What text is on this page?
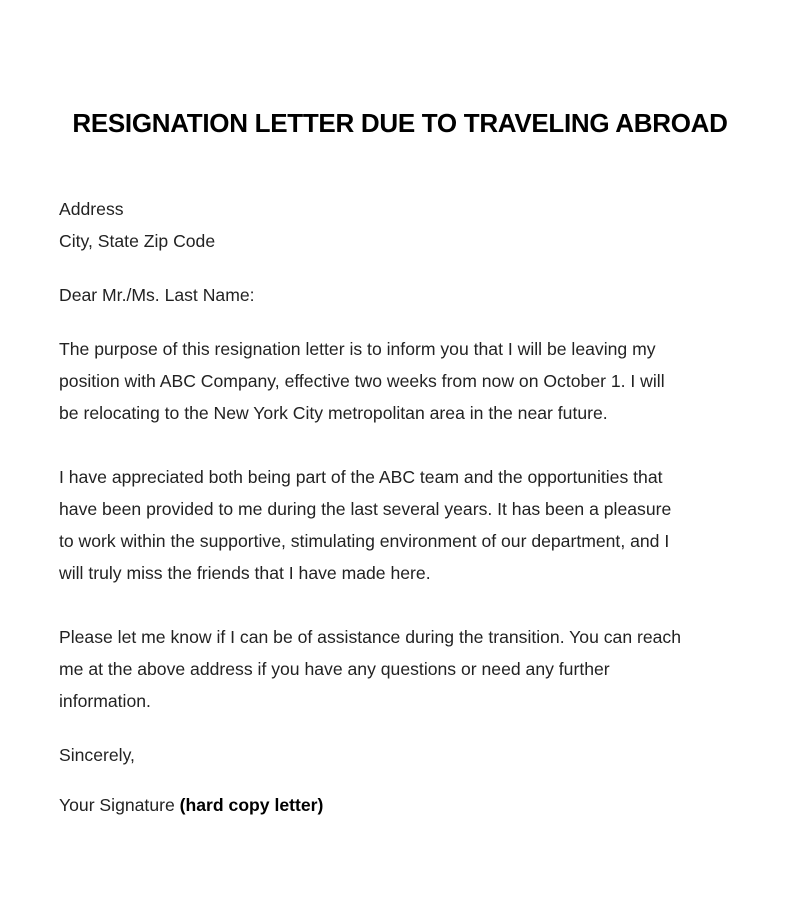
RESIGNATION LETTER DUE TO TRAVELING ABROAD
Address
City, State Zip Code
Dear Mr./Ms. Last Name:
The purpose of this resignation letter is to inform you that I will be leaving my
position with ABC Company, effective two weeks from now on October 1. I will
be relocating to the New York City metropolitan area in the near future.
I have appreciated both being part of the ABC team and the opportunities that
have been provided to me during the last several years. It has been a pleasure
to work within the supportive, stimulating environment of our department, and I
will truly miss the friends that I have made here.
Please let me know if I can be of assistance during the transition. You can reach
me at the above address if you have any questions or need any further
information.
Sincerely,
Your Signature (hard copy letter)
